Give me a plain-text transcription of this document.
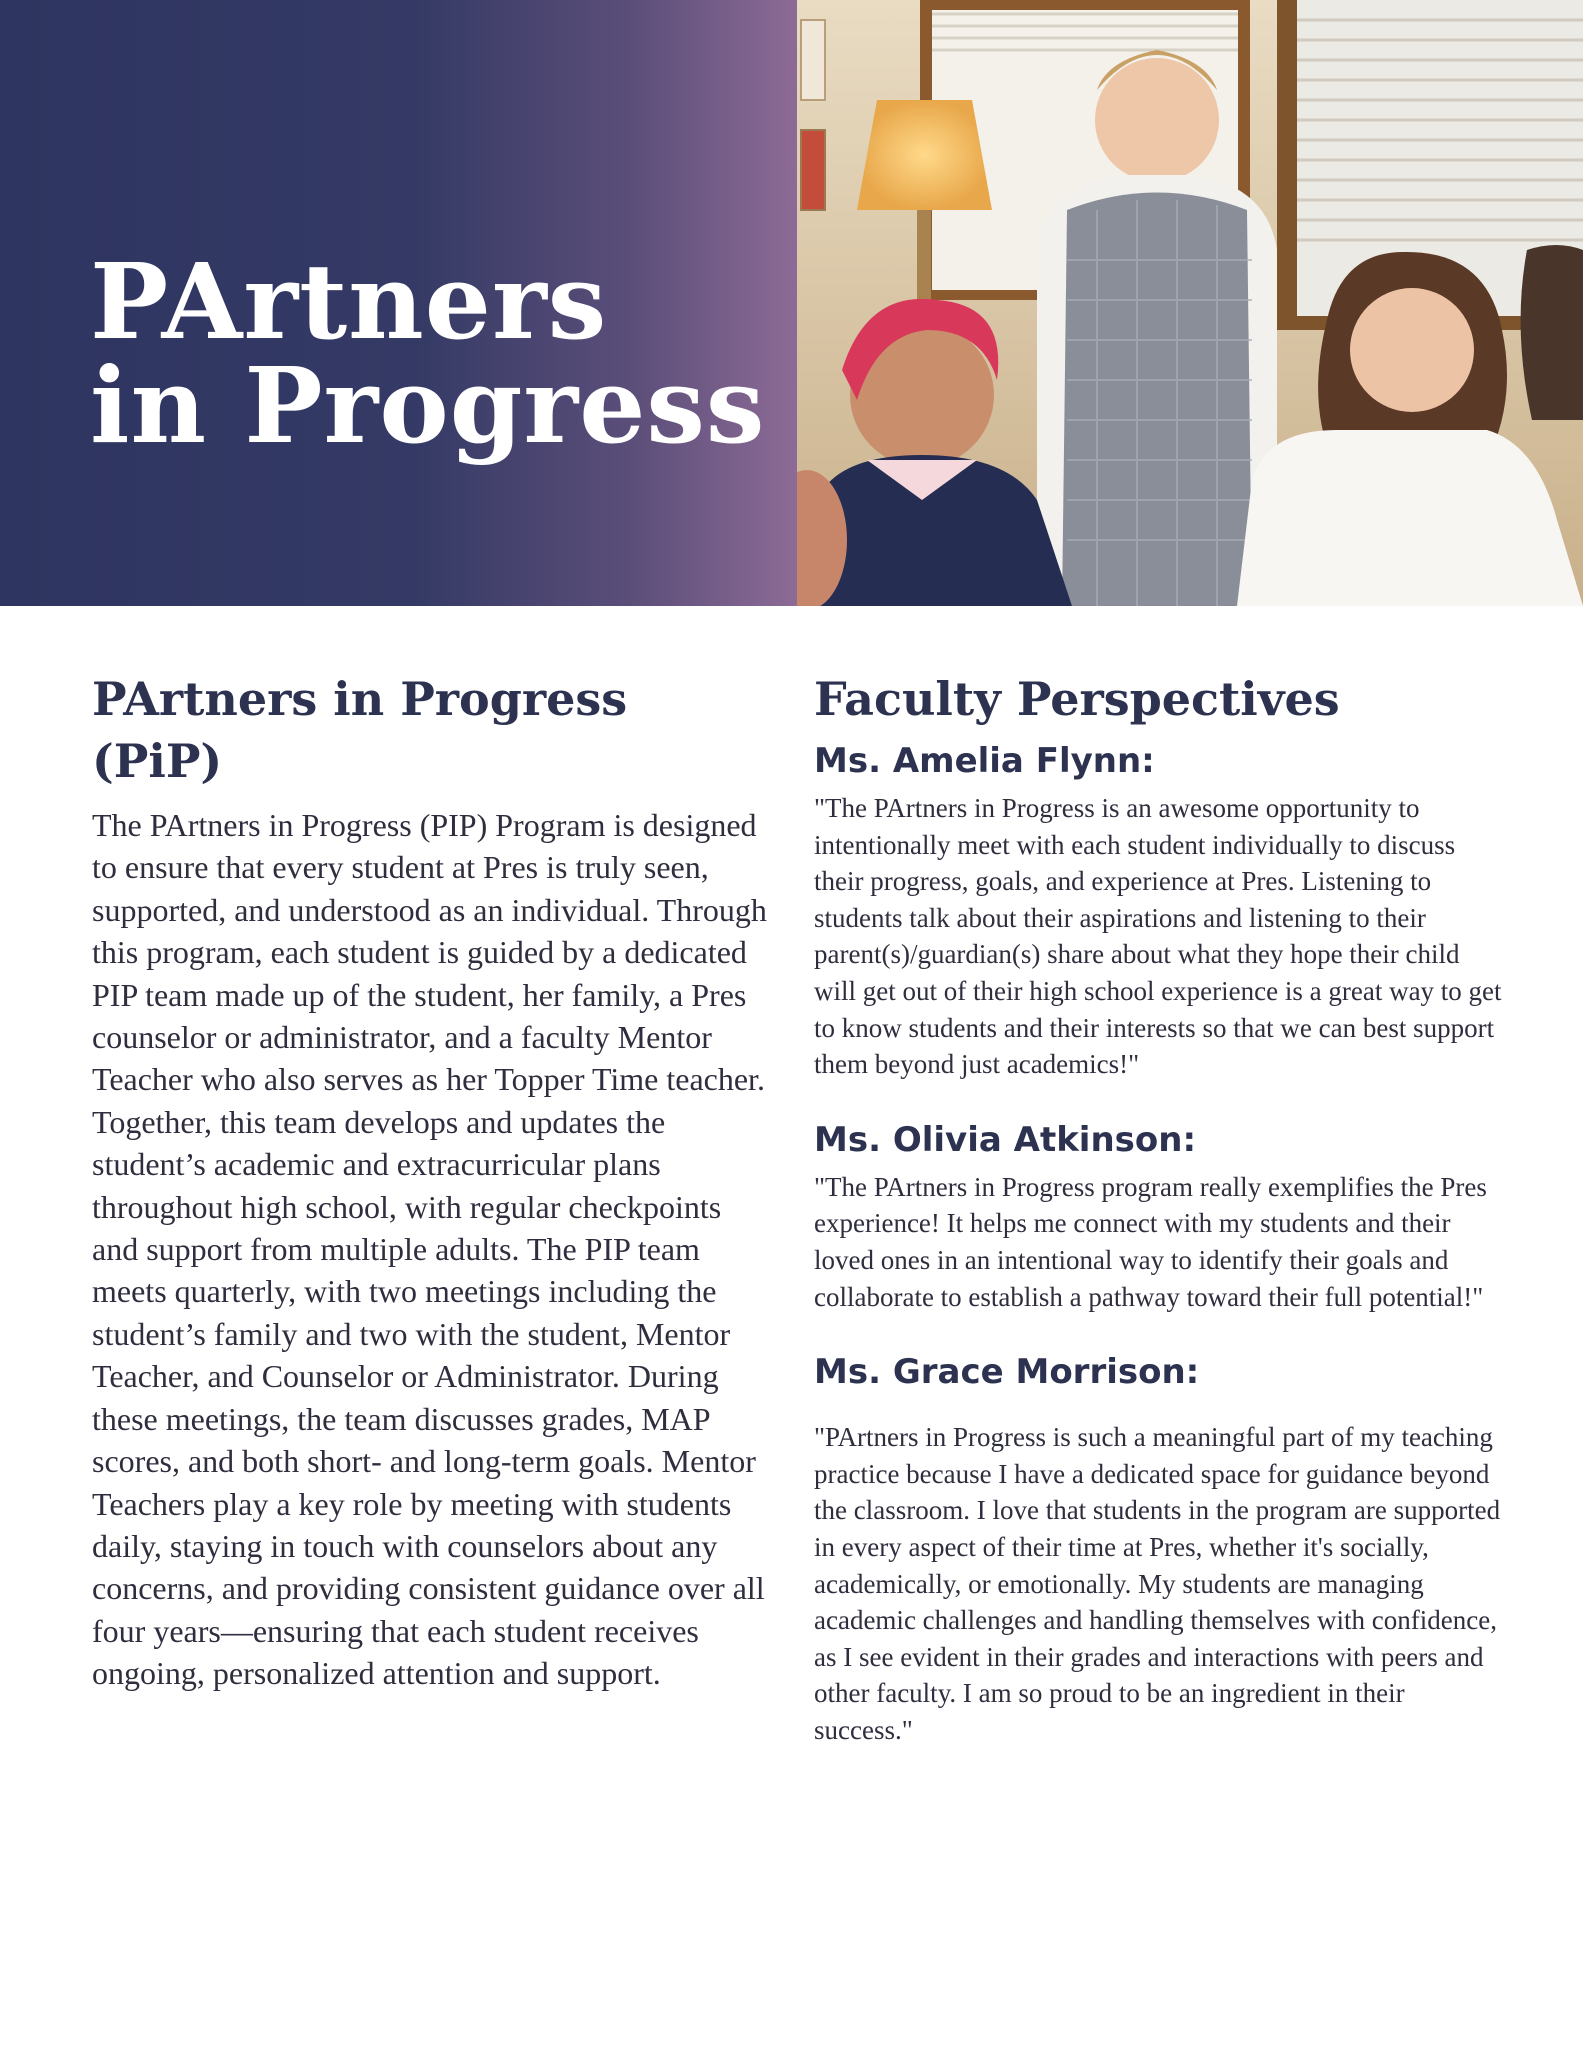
PArtners
in Progress
PArtners in Progress (PiP)

The PArtners in Progress (PIP) Program is designed to ensure that every student at Pres is truly seen, supported, and understood as an individual. Through this program, each student is guided by a dedicated PIP team made up of the student, her family, a Pres counselor or administrator, and a faculty Mentor Teacher who also serves as her Topper Time teacher. Together, this team develops and updates the student’s academic and extracurricular plans throughout high school, with regular checkpoints and support from multiple adults. The PIP team meets quarterly, with two meetings including the student’s family and two with the student, Mentor Teacher, and Counselor or Administrator. During these meetings, the team discusses grades, MAP scores, and both short- and long-term goals. Mentor Teachers play a key role by meeting with students daily, staying in touch with counselors about any concerns, and providing consistent guidance over all four years—ensuring that each student receives ongoing, personalized attention and support.

Faculty Perspectives
Ms. Amelia Flynn:

"The PArtners in Progress is an awesome opportunity to intentionally meet with each student individually to discuss their progress, goals, and experience at Pres. Listening to students talk about their aspirations and listening to their parent(s)/guardian(s) share about what they hope their child will get out of their high school experience is a great way to get to know students and their interests so that we can best support them beyond just academics!"

Ms. Olivia Atkinson:

"The PArtners in Progress program really exemplifies the Pres experience! It helps me connect with my students and their loved ones in an intentional way to identify their goals and collaborate to establish a pathway toward their full potential!"

Ms. Grace Morrison:

"PArtners in Progress is such a meaningful part of my teaching practice because I have a dedicated space for guidance beyond the classroom. I love that students in the program are supported in every aspect of their time at Pres, whether it's socially, academically, or emotionally. My students are managing academic challenges and handling themselves with confidence, as I see evident in their grades and interactions with peers and other faculty. I am so proud to be an ingredient in their success."
